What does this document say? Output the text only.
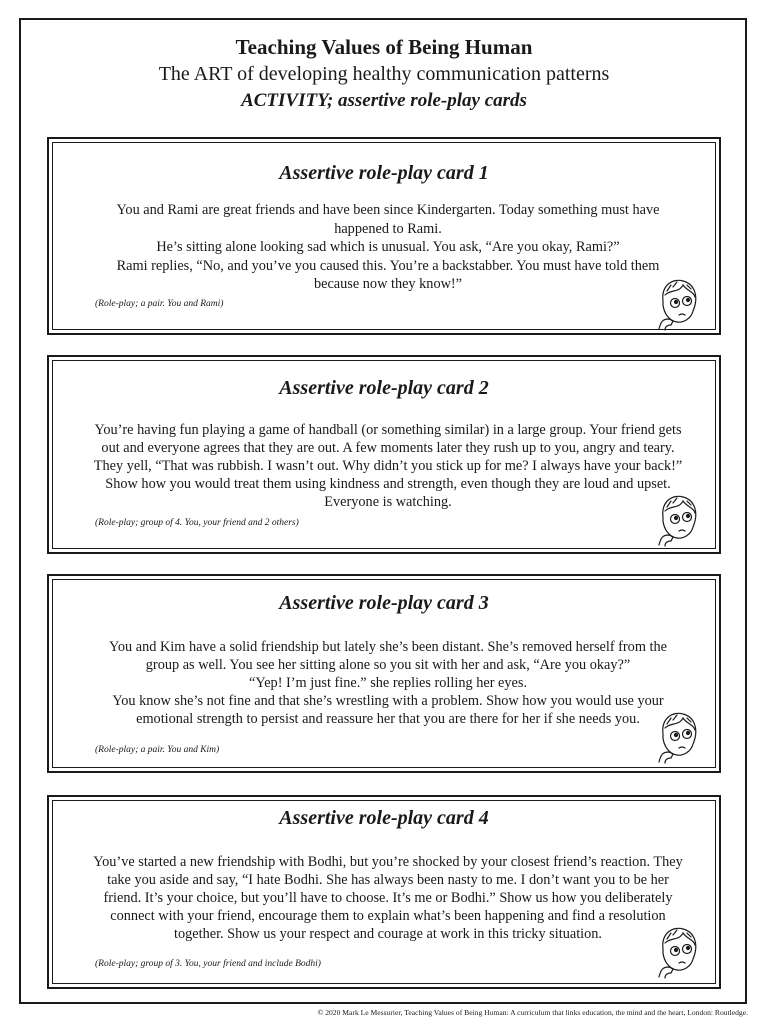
Teaching Values of Being Human
The ART of developing healthy communication patterns
ACTIVITY; assertive role-play cards
Assertive role-play card 1

You and Rami are great friends and have been since Kindergarten. Today something must have happened to Rami.

He’s sitting alone looking sad which is unusual. You ask, “Are you okay, Rami?”

Rami replies, “No, and you’ve you caused this. You’re a backstabber. You must have told them because now they know!”

(Role-play; a pair. You and Rami)
Assertive role-play card 2

You’re having fun playing a game of handball (or something similar) in a large group. Your friend gets out and everyone agrees that they are out. A few moments later they rush up to you, angry and teary. They yell, “That was rubbish. I wasn’t out. Why didn’t you stick up for me? I always have your back!” Show how you would treat them using kindness and strength, even though they are loud and upset. Everyone is watching.

(Role-play; group of 4. You, your friend and 2 others)
Assertive role-play card 3

You and Kim have a solid friendship but lately she’s been distant. She’s removed herself from the group as well. You see her sitting alone so you sit with her and ask, “Are you okay?”

“Yep! I’m just fine.” she replies rolling her eyes.

You know she’s not fine and that she’s wrestling with a problem. Show how you would use your emotional strength to persist and reassure her that you are there for her if she needs you.

(Role-play; a pair. You and Kim)
Assertive role-play card 4

You’ve started a new friendship with Bodhi, but you’re shocked by your closest friend’s reaction. They take you aside and say, “I hate Bodhi. She has always been nasty to me. I don’t want you to be her friend. It’s your choice, but you’ll have to choose. It’s me or Bodhi.” Show us how you deliberately connect with your friend, encourage them to explain what’s been happening and find a resolution together. Show us your respect and courage at work in this tricky situation.

(Role-play; group of 3. You, your friend and include Bodhi)
© 2020 Mark Le Messurier, Teaching Values of Being Human: A curriculum that links education, the mind and the heart, London: Routledge.
